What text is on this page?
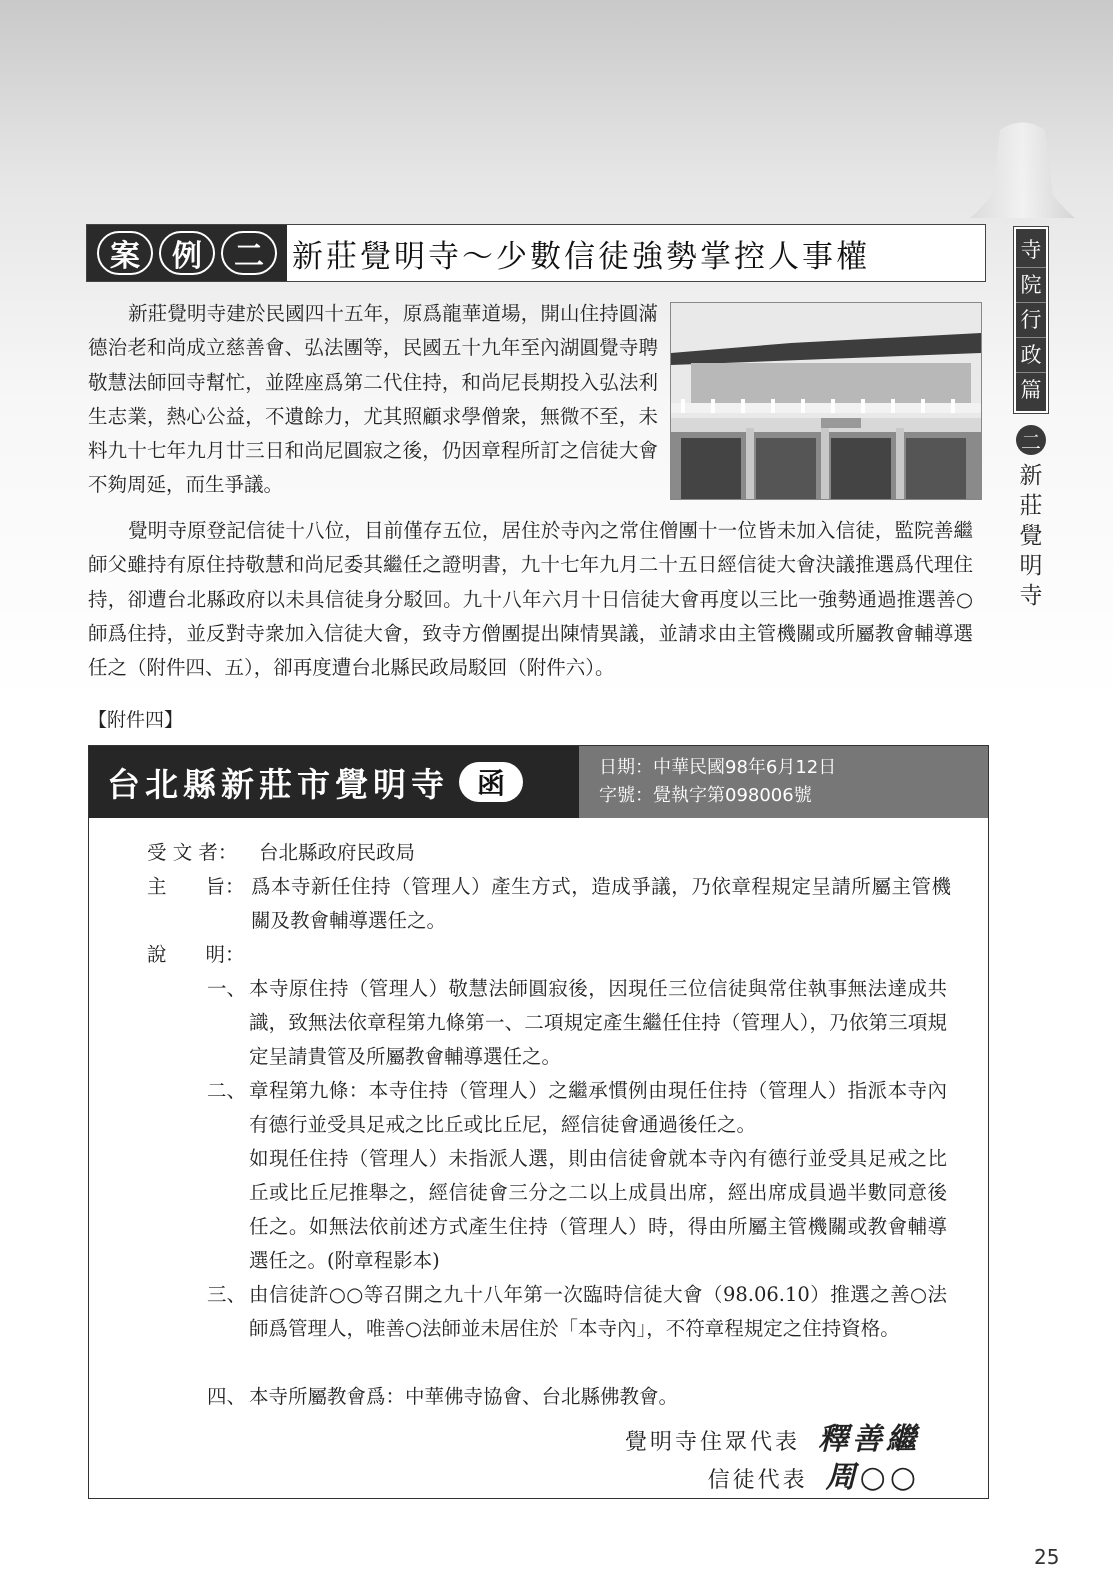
案	例	二 新莊覺明寺～少數信徒強勢掌控人事權	寺
院
行
政
篇
二
新
莊
覺
明
寺
新莊覺明寺建於民國四十五年，原爲龍華道場，開山住持圓滿德治老和尚成立慈善會、弘法團等，民國五十九年至內湖圓覺寺聘敬慧法師回寺幫忙，並陞座爲第二代住持，和尚尼長期投入弘法利生志業，熱心公益，不遺餘力，尤其照顧求學僧衆，無微不至，未料九十七年九月廿三日和尚尼圓寂之後，仍因章程所訂之信徒大會不夠周延，而生爭議。
覺明寺原登記信徒十八位，目前僅存五位，居住於寺內之常住僧團十一位皆未加入信徒，監院善繼師父雖持有原住持敬慧和尚尼委其繼任之證明書，九十七年九月二十五日經信徒大會決議推選爲代理住持，卻遭台北縣政府以未具信徒身分駁回。九十八年六月十日信徒大會再度以三比一強勢通過推選善○師爲住持，並反對寺衆加入信徒大會，致寺方僧團提出陳情異議，並請求由主管機關或所屬教會輔導選任之（附件四、五），卻再度遭台北縣民政局駁回（附件六）。
【附件四】
台北縣新莊市覺明寺 函	日期：中華民國98年6月12日
字號：覺執字第098006號
受 文 者： 台北縣政府民政局
主　　旨： 爲本寺新任住持（管理人）產生方式，造成爭議，乃依章程規定呈請所屬主管機關及教會輔導選任之。
說　　明：
一、 本寺原住持（管理人）敬慧法師圓寂後，因現任三位信徒與常住執事無法達成共識，致無法依章程第九條第一、二項規定產生繼任住持（管理人），乃依第三項規定呈請貴管及所屬教會輔導選任之。
二、 章程第九條：本寺住持（管理人）之繼承慣例由現任住持（管理人）指派本寺內有德行並受具足戒之比丘或比丘尼，經信徒會通過後任之。
如現任住持（管理人）未指派人選，則由信徒會就本寺內有德行並受具足戒之比丘或比丘尼推舉之，經信徒會三分之二以上成員出席，經出席成員過半數同意後任之。如無法依前述方式產生住持（管理人）時，得由所屬主管機關或教會輔導選任之。(附章程影本)
三、 由信徒許○○等召開之九十八年第一次臨時信徒大會（98.06.10）推選之善○法師爲管理人，唯善○法師並未居住於「本寺內」，不符章程規定之住持資格。
四、 本寺所屬教會爲：中華佛寺協會、台北縣佛教會。
覺明寺住眾代表 釋善繼
信徒代表 周○○
25
